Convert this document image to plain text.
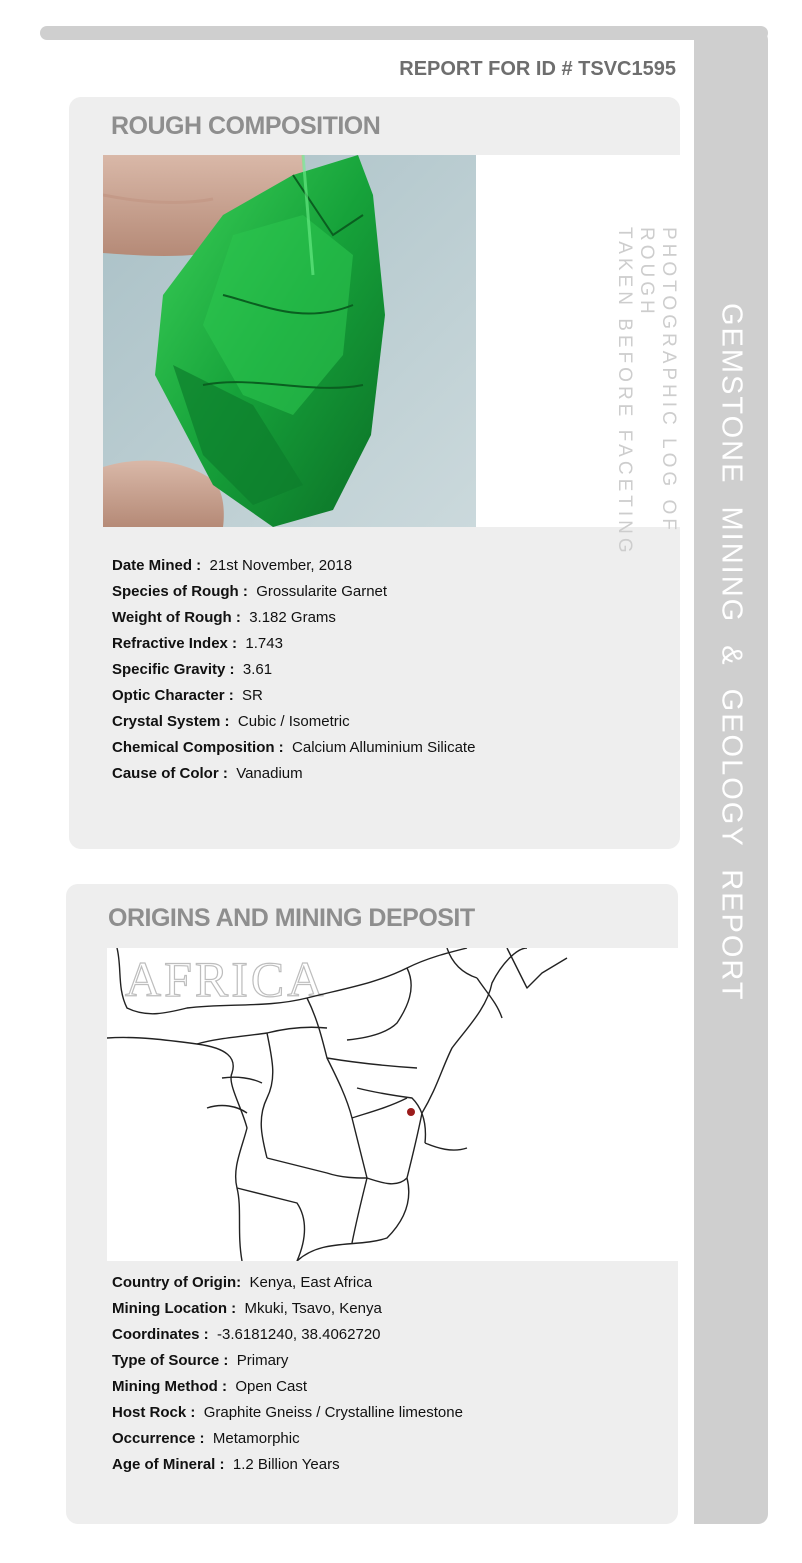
GEMSTONE MINING & GEOLOGY REPORT
REPORT FOR ID # TSVC1595
ROUGH COMPOSITION
PHOTOGRAPHIC LOG OF ROUGH
TAKEN BEFORE FACETING
Date Mined : 21st November, 2018
Species of Rough : Grossularite Garnet
Weight of Rough : 3.182 Grams
Refractive Index : 1.743
Specific Gravity : 3.61
Optic Character : SR
Crystal System : Cubic / Isometric
Chemical Composition : Calcium Alluminium Silicate
Cause of Color : Vanadium
ORIGINS AND MINING DEPOSIT
AFRICA
Country of Origin: Kenya, East Africa
Mining Location : Mkuki, Tsavo, Kenya
Coordinates : -3.6181240, 38.4062720
Type of Source : Primary
Mining Method : Open Cast
Host Rock : Graphite Gneiss / Crystalline limestone
Occurrence : Metamorphic
Age of Mineral : 1.2 Billion Years
